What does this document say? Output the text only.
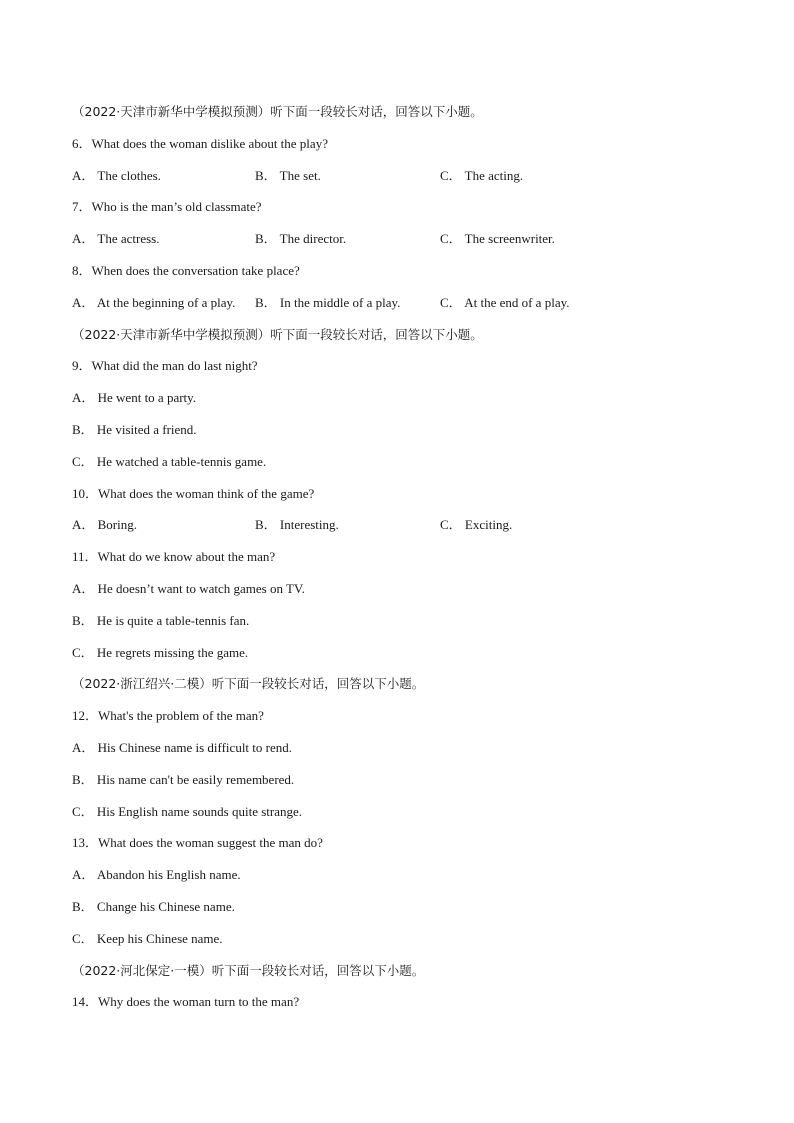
（2022·天津市新华中学模拟预测）听下面一段较长对话，回答以下小题。
6．What does the woman dislike about the play?
A． The clothes.	B． The set.	C． The acting.
7．Who is the man’s old classmate?
A． The actress.	B． The director.	C． The screenwriter.
8．When does the conversation take place?
A． At the beginning of a play. B． In the middle of a play.	C． At the end of a play.
（2022·天津市新华中学模拟预测）听下面一段较长对话，回答以下小题。
9．What did the man do last night?
A． He went to a party.
B． He visited a friend.
C． He watched a table-tennis game.
10．What does the woman think of the game?
A． Boring.	B． Interesting.	C． Exciting.
11．What do we know about the man?
A． He doesn’t want to watch games on TV.
B． He is quite a table-tennis fan.
C． He regrets missing the game.
（2022·浙江绍兴·二模）听下面一段较长对话，回答以下小题。
12．What's the problem of the man?
A． His Chinese name is difficult to rend.
B． His name can't be easily remembered.
C． His English name sounds quite strange.
13．What does the woman suggest the man do?
A． Abandon his English name.
B． Change his Chinese name.
C． Keep his Chinese name.
（2022·河北保定·一模）听下面一段较长对话，回答以下小题。
14．Why does the woman turn to the man?
